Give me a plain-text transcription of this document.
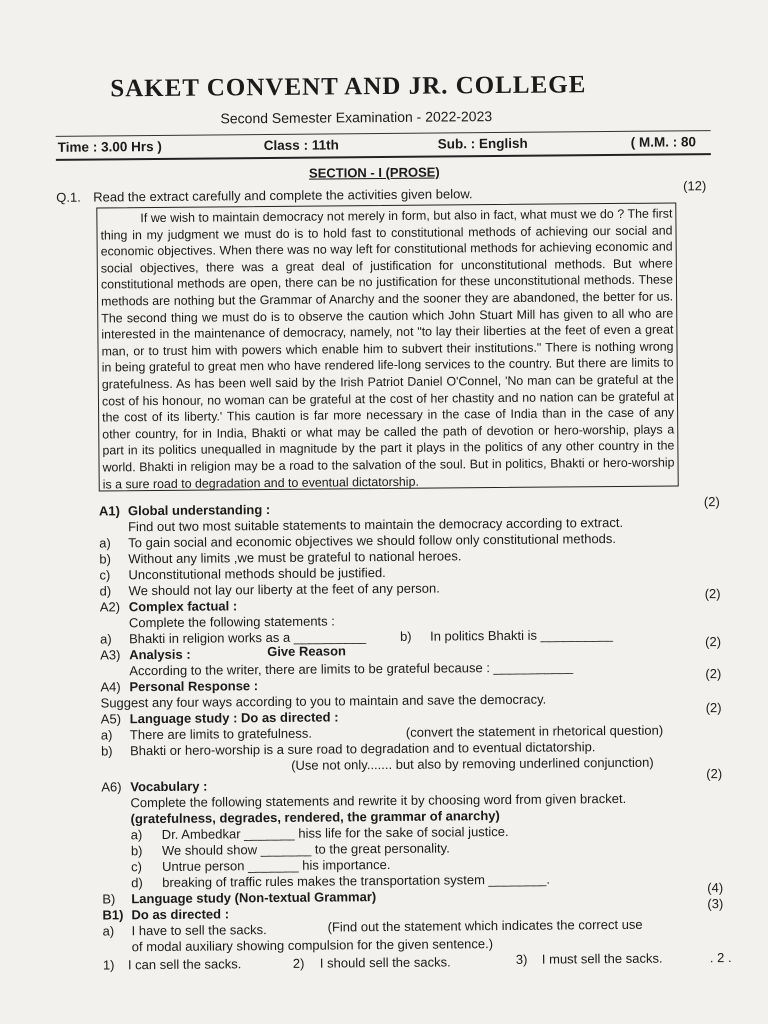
SAKET CONVENT AND JR. COLLEGE
Second Semester Examination - 2022-2023
Time : 3.00 Hrs )	Class : 11th	Sub. : English	( M.M. : 80
SECTION - I (PROSE)
Q.1. Read the extract carefully and complete the activities given below.
(12)

If we wish to maintain democracy not merely in form, but also in fact, what must we do ? The first thing in my judgment we must do is to hold fast to constitutional methods of achieving our social and economic objectives. When there was no way left for constitutional methods for achieving economic and social objectives, there was a great deal of justification for unconstitutional methods. But where constitutional methods are open, there can be no justification for these unconstitutional methods. These methods are nothing but the Grammar of Anarchy and the sooner they are abandoned, the better for us. The second thing we must do is to observe the caution which John Stuart Mill has given to all who are interested in the maintenance of democracy, namely, not "to lay their liberties at the feet of even a great man, or to trust him with powers which enable him to subvert their institutions." There is nothing wrong in being grateful to great men who have rendered life-long services to the country. But there are limits to gratefulness. As has been well said by the Irish Patriot Daniel O'Connel, 'No man can be grateful at the cost of his honour, no woman can be grateful at the cost of her chastity and no nation can be grateful at the cost of its liberty.' This caution is far more necessary in the case of India than in the case of any other country, for in India, Bhakti or what may be called the path of devotion or hero-worship, plays a part in its politics unequalled in magnitude by the part it plays in the politics of any other country in the world. Bhakti in religion may be a road to the salvation of the soul. But in politics, Bhakti or hero-worship is a sure road to degradation and to eventual dictatorship.

A1) Global understanding :
(2)
Find out two most suitable statements to maintain the democracy according to extract.
a) To gain social and economic objectives we should follow only constitutional methods.
b) Without any limits ,we must be grateful to national heroes.
c) Unconstitutional methods should be justified.
d) We should not lay our liberty at the feet of any person.
A2) Complex factual :
(2)
Complete the following statements :
a) Bhakti in religion works as a __________	b) In politics Bhakti is __________
A3) Analysis :	Give Reason
(2)
According to the writer, there are limits to be grateful because : ___________
A4) Personal Response :
(2)
Suggest any four ways according to you to maintain and save the democracy.
A5) Language study : Do as directed :
(2)
a) There are limits to gratefulness.	(convert the statement in rhetorical question)
b) Bhakti or hero-worship is a sure road to degradation and to eventual dictatorship.
(Use not only....... but also by removing underlined conjunction)
A6) Vocabulary :
(2)
Complete the following statements and rewrite it by choosing word from given bracket.
(gratefulness, degrades, rendered, the grammar of anarchy)
a) Dr. Ambedkar _______ hiss life for the sake of social justice.
b) We should show _______ to the great personality.
c) Untrue person _______ his importance.
d) breaking of traffic rules makes the transportation system ________.
B) Language study (Non-textual Grammar)
(4)
B1) Do as directed :
(3)
a) I have to sell the sacks.	(Find out the statement which indicates the correct use
of modal auxiliary showing compulsion for the given sentence.)
1) I can sell the sacks.	2) I should sell the sacks.	3) I must sell the sacks.	. 2 .
